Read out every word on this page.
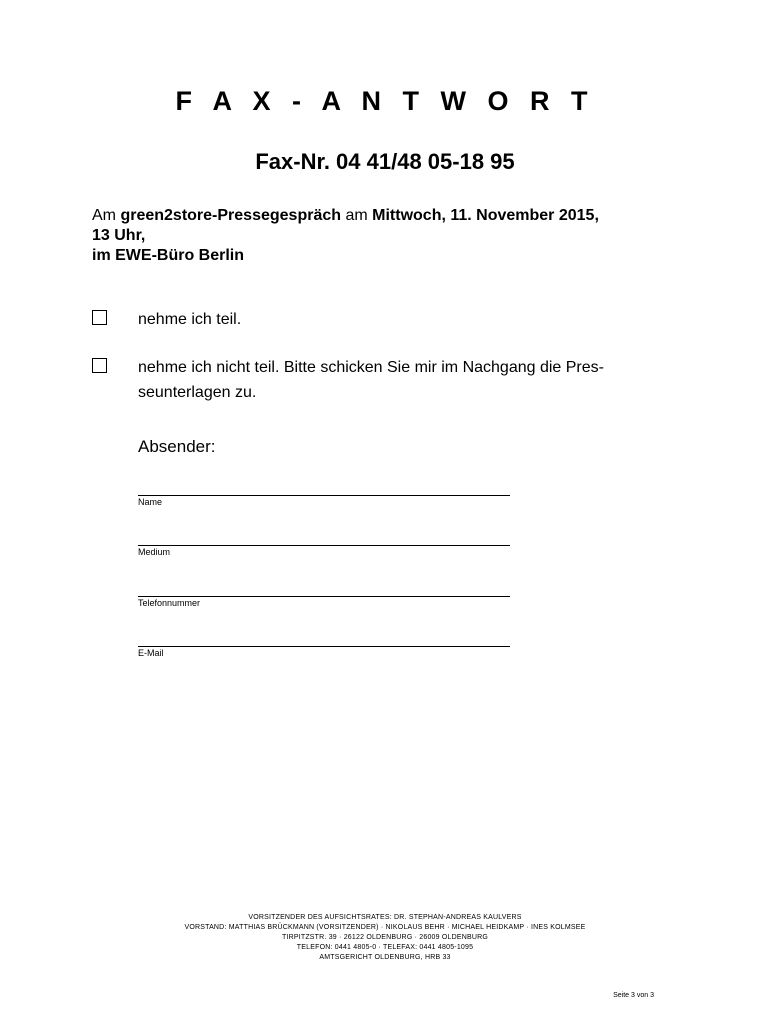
F A X - A N T W O R T
Fax-Nr. 04 41/48 05-18 95
Am green2store-Pressegespräch am Mittwoch, 11. November 2015,
13 Uhr,
im EWE-Büro Berlin
nehme ich teil.
nehme ich nicht teil. Bitte schicken Sie mir im Nachgang die Pres-
seunterlagen zu.
Absender:
Name
Medium
Telefonnummer
E-Mail
VORSITZENDER DES AUFSICHTSRATES: DR. STEPHAN-ANDREAS KAULVERS
VORSTAND: MATTHIAS BRÜCKMANN (VORSITZENDER) · NIKOLAUS BEHR · MICHAEL HEIDKAMP · INES KOLMSEE
TIRPITZSTR. 39 · 26122 OLDENBURG · 26009 OLDENBURG
TELEFON: 0441 4805-0 · TELEFAX: 0441 4805-1095
AMTSGERICHT OLDENBURG, HRB 33
Seite 3 von 3
